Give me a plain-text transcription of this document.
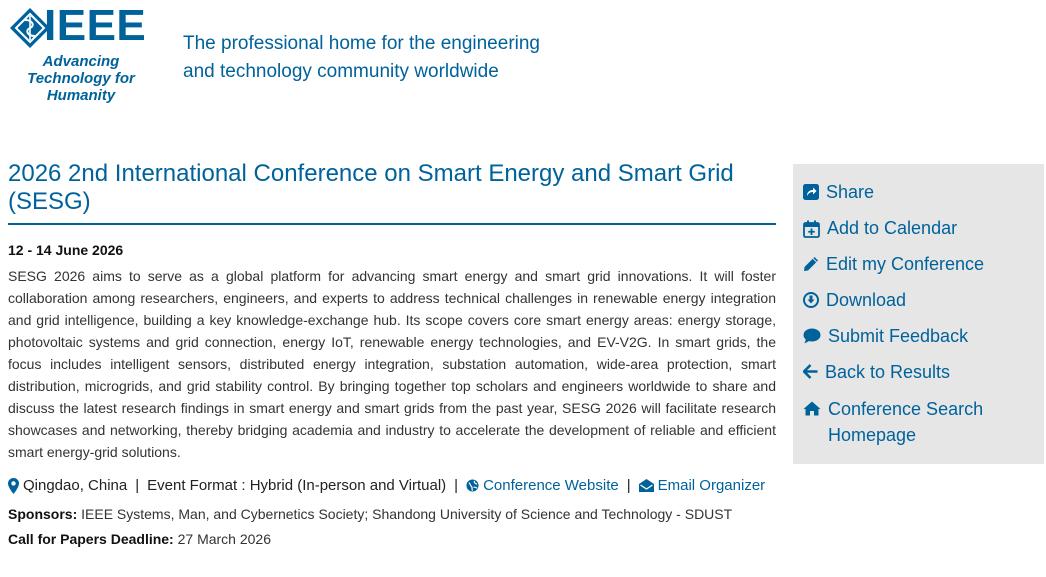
IEEE
Advancing Technology for Humanity
The professional home for the engineering
and technology community worldwide
2026 2nd International Conference on Smart Energy and Smart Grid (SESG)
12 - 14 June 2026
SESG 2026 aims to serve as a global platform for advancing smart energy and smart grid innovations. It will foster collaboration among researchers, engineers, and experts to address technical challenges in renewable energy integration and grid intelligence, building a key knowledge-exchange hub. Its scope covers core smart energy areas: energy storage, photovoltaic systems and grid connection, energy IoT, renewable energy technologies, and EV-V2G. In smart grids, the focus includes intelligent sensors, distributed energy integration, substation automation, wide-area protection, smart distribution, microgrids, and grid stability control. By bringing together top scholars and engineers worldwide to share and discuss the latest research findings in smart energy and smart grids from the past year, SESG 2026 will facilitate research showcases and networking, thereby bridging academia and industry to accelerate the development of reliable and efficient smart energy-grid solutions.
Qingdao, China | Event Format : Hybrid (In-person and Virtual) | Conference Website | Email Organizer
Sponsors: IEEE Systems, Man, and Cybernetics Society; Shandong University of Science and Technology - SDUST
Call for Papers Deadline: 27 March 2026
Share
Add to Calendar
Edit my Conference
Download
Submit Feedback
Back to Results
Conference Search Homepage
